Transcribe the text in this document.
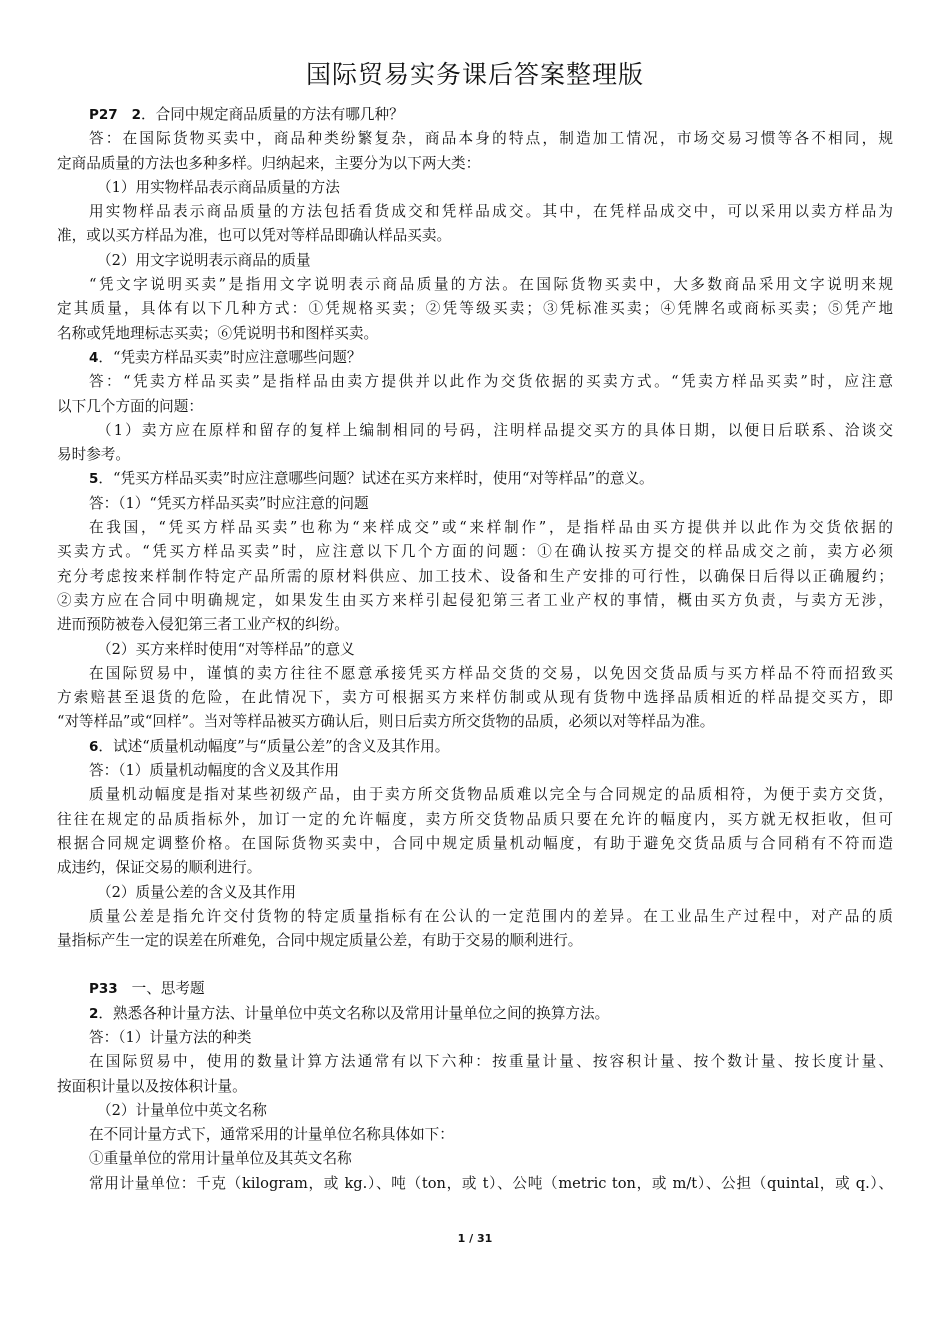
国际贸易实务课后答案整理版
P27 2．合同中规定商品质量的方法有哪几种？
答：在国际货物买卖中，商品种类纷繁复杂，商品本身的特点，制造加工情况，市场交易习惯等各不相同，规
定商品质量的方法也多种多样。归纳起来，主要分为以下两大类：
（1）用实物样品表示商品质量的方法
用实物样品表示商品质量的方法包括看货成交和凭样品成交。其中，在凭样品成交中，可以采用以卖方样品为
准，或以买方样品为准，也可以凭对等样品即确认样品买卖。
（2）用文字说明表示商品的质量
“凭文字说明买卖”是指用文字说明表示商品质量的方法。在国际货物买卖中，大多数商品采用文字说明来规
定其质量，具体有以下几种方式：①凭规格买卖；②凭等级买卖；③凭标准买卖；④凭牌名或商标买卖；⑤凭产地
名称或凭地理标志买卖；⑥凭说明书和图样买卖。
4．“凭卖方样品买卖”时应注意哪些问题？
答：“凭卖方样品买卖”是指样品由卖方提供并以此作为交货依据的买卖方式。“凭卖方样品买卖”时，应注意
以下几个方面的问题：
（1）卖方应在原样和留存的复样上编制相同的号码，注明样品提交买方的具体日期，以便日后联系、洽谈交
易时参考。
5．“凭买方样品买卖”时应注意哪些问题？试述在买方来样时，使用“对等样品”的意义。
答：（1）“凭买方样品买卖”时应注意的问题
在我国，“凭买方样品买卖”也称为“来样成交”或“来样制作”，是指样品由买方提供并以此作为交货依据的
买卖方式。“凭买方样品买卖”时，应注意以下几个方面的问题：①在确认按买方提交的样品成交之前，卖方必须
充分考虑按来样制作特定产品所需的原材料供应、加工技术、设备和生产安排的可行性，以确保日后得以正确履约；
②卖方应在合同中明确规定，如果发生由买方来样引起侵犯第三者工业产权的事情，概由买方负责，与卖方无涉，
进而预防被卷入侵犯第三者工业产权的纠纷。
（2）买方来样时使用“对等样品”的意义
在国际贸易中，谨慎的卖方往往不愿意承接凭买方样品交货的交易，以免因交货品质与买方样品不符而招致买
方索赔甚至退货的危险，在此情况下，卖方可根据买方来样仿制或从现有货物中选择品质相近的样品提交买方，即
“对等样品”或“回样”。当对等样品被买方确认后，则日后卖方所交货物的品质，必须以对等样品为准。
6．试述“质量机动幅度”与“质量公差”的含义及其作用。
答：（1）质量机动幅度的含义及其作用
质量机动幅度是指对某些初级产品，由于卖方所交货物品质难以完全与合同规定的品质相符，为便于卖方交货，
往往在规定的品质指标外，加订一定的允许幅度，卖方所交货物品质只要在允许的幅度内，买方就无权拒收，但可
根据合同规定调整价格。在国际货物买卖中，合同中规定质量机动幅度，有助于避免交货品质与合同稍有不符而造
成违约，保证交易的顺利进行。
（2）质量公差的含义及其作用
质量公差是指允许交付货物的特定质量指标有在公认的一定范围内的差异。在工业品生产过程中，对产品的质
量指标产生一定的误差在所难免，合同中规定质量公差，有助于交易的顺利进行。
P33 一、思考题
2．熟悉各种计量方法、计量单位中英文名称以及常用计量单位之间的换算方法。
答：（1）计量方法的种类
在国际贸易中，使用的数量计算方法通常有以下六种：按重量计量、按容积计量、按个数计量、按长度计量、
按面积计量以及按体积计量。
（2）计量单位中英文名称
在不同计量方式下，通常采用的计量单位名称具体如下：
①重量单位的常用计量单位及其英文名称
常用计量单位：千克（kilogram，或 kg.）、吨（ton，或 t）、公吨（metric ton，或 m/t）、公担（quintal，或 q.）、
1 / 31
